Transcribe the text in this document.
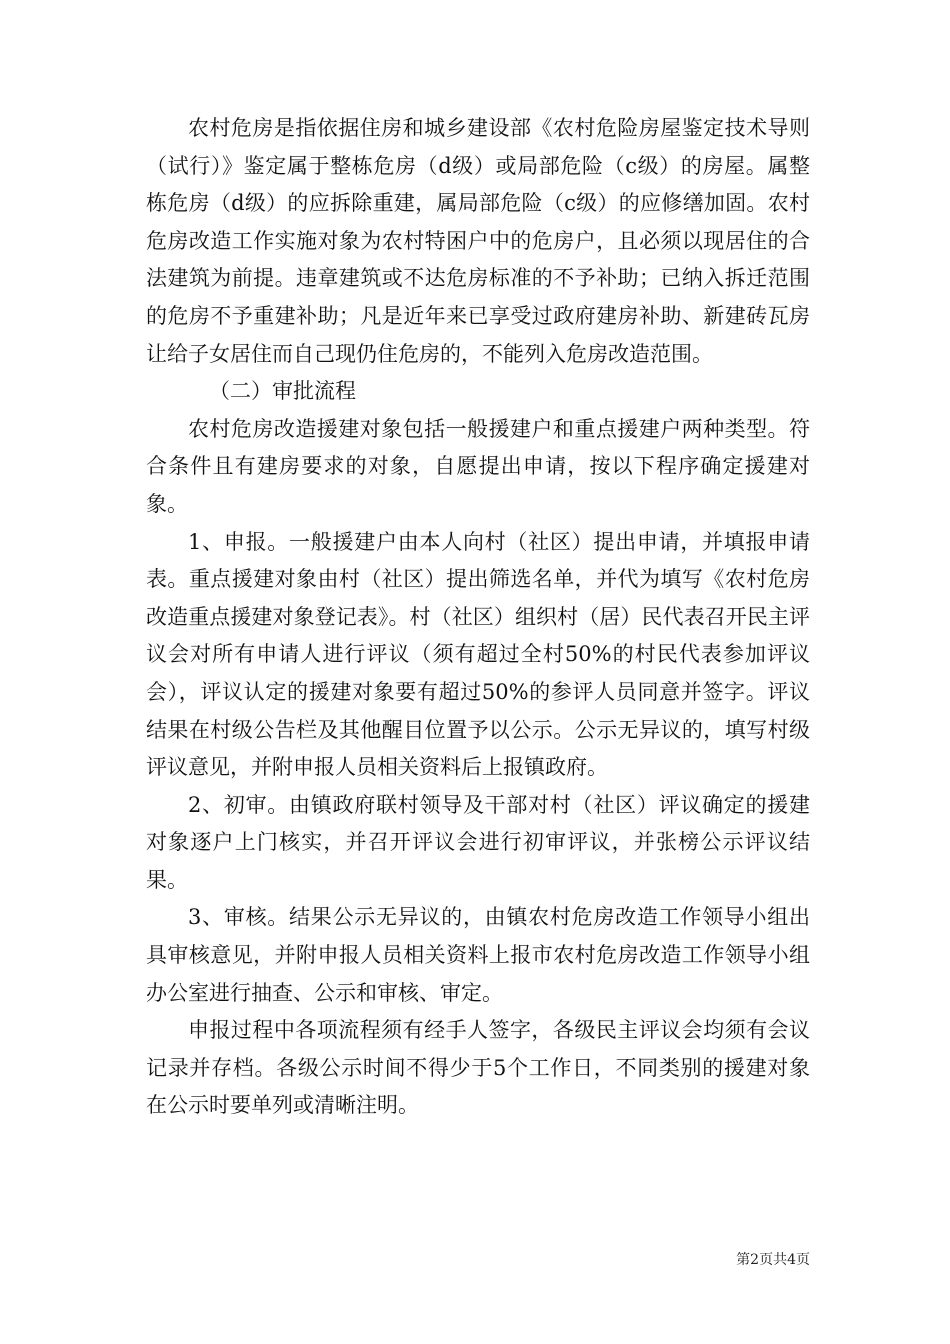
农村危房是指依据住房和城乡建设部《农村危险房屋鉴定技术导则（试行）》鉴定属于整栋危房（d级）或局部危险（c级）的房屋。属整栋危房（d级）的应拆除重建，属局部危险（c级）的应修缮加固。农村危房改造工作实施对象为农村特困户中的危房户，且必须以现居住的合法建筑为前提。违章建筑或不达危房标准的不予补助；已纳入拆迁范围的危房不予重建补助；凡是近年来已享受过政府建房补助、新建砖瓦房让给子女居住而自己现仍住危房的，不能列入危房改造范围。

（二）审批流程

农村危房改造援建对象包括一般援建户和重点援建户两种类型。符合条件且有建房要求的对象，自愿提出申请，按以下程序确定援建对象。

1、申报。一般援建户由本人向村（社区）提出申请，并填报申请表。重点援建对象由村（社区）提出筛选名单，并代为填写《农村危房改造重点援建对象登记表》。村（社区）组织村（居）民代表召开民主评议会对所有申请人进行评议（须有超过全村50%的村民代表参加评议会），评议认定的援建对象要有超过50%的参评人员同意并签字。评议结果在村级公告栏及其他醒目位置予以公示。公示无异议的，填写村级评议意见，并附申报人员相关资料后上报镇政府。

2、初审。由镇政府联村领导及干部对村（社区）评议确定的援建对象逐户上门核实，并召开评议会进行初审评议，并张榜公示评议结果。

3、审核。结果公示无异议的，由镇农村危房改造工作领导小组出具审核意见，并附申报人员相关资料上报市农村危房改造工作领导小组办公室进行抽查、公示和审核、审定。

申报过程中各项流程须有经手人签字，各级民主评议会均须有会议记录并存档。各级公示时间不得少于5个工作日，不同类别的援建对象在公示时要单列或清晰注明。

第2页共4页
